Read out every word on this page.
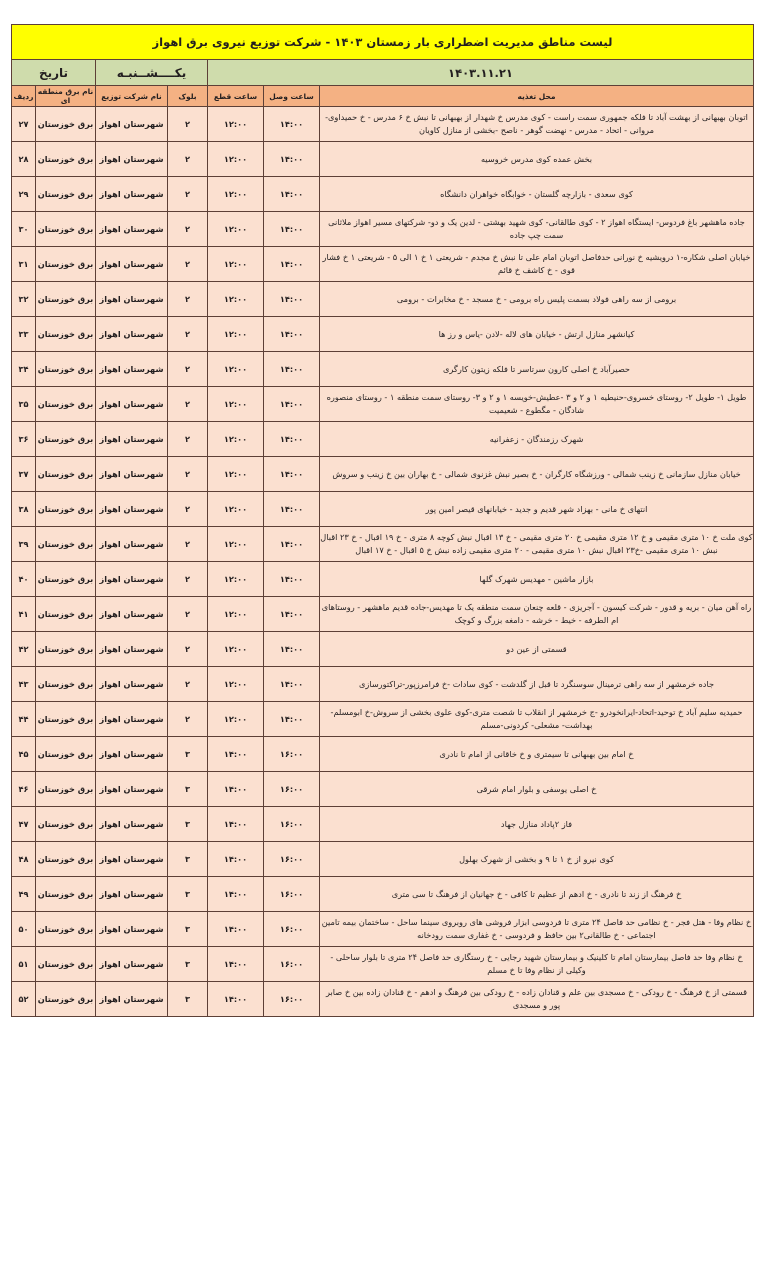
لیست مناطق مدیریت اضطراری بار زمستان ۱۴۰۳ - شرکت توزیع نیروی برق اهواز						
۱۴۰۳.۱۱.۲۱			یکــــشــنبـه		تاریخ	
محل تغذیه	ساعت وصل	ساعت قطع	بلوک	نام شرکت توزیع	نام برق منطقه ای	ردیف
اتوبان بهبهانی از بهشت آباد تا فلکه جمهوری سمت راست - کوی مدرس خ شهدار از بهبهانی تا نبش خ ۶ مدرس - خ حمیداوی- مروانی - اتحاد - مدرس - نهضت گوهر - ناصح -بخشی از منازل کاویان	۱۴:۰۰	۱۲:۰۰	۲	شهرستان اهواز	برق خوزستان	۲۷
بخش عمده کوی مدرس خروسیه	۱۴:۰۰	۱۲:۰۰	۲	شهرستان اهواز	برق خوزستان	۲۸
کوی سعدی - بازارچه گلستان - خوابگاه خواهران دانشگاه	۱۴:۰۰	۱۲:۰۰	۲	شهرستان اهواز	برق خوزستان	۲۹
جاده ماهشهر باغ فردوس- ایستگاه اهواز ۲ - کوی طالقانی- کوی شهید بهشتی - لدین یک و دو- شرکتهای مسیر اهواز ملاثانی سمت چپ جاده	۱۴:۰۰	۱۲:۰۰	۲	شهرستان اهواز	برق خوزستان	۳۰
خیابان اصلی شکاره-۱ درویشیه خ نورانی حدفاصل اتوبان امام علی تا نبش خ مجدم - شریعتی ۱ خ ۱ الی ۵ - شریعتی ۱ خ فشار قوی - خ کاشف خ قائم	۱۴:۰۰	۱۲:۰۰	۲	شهرستان اهواز	برق خوزستان	۳۱
برومی از سه راهی فولاد بسمت پلیس راه برومی - خ مسجد - خ مخابرات - برومی	۱۴:۰۰	۱۲:۰۰	۲	شهرستان اهواز	برق خوزستان	۳۲
کیانشهر منازل ارتش - خیابان های لاله -لادن -یاس و رز ها	۱۴:۰۰	۱۲:۰۰	۲	شهرستان اهواز	برق خوزستان	۳۳
حصیرآباد خ اصلی کارون سرتاسر تا فلکه زیتون کارگری	۱۴:۰۰	۱۲:۰۰	۲	شهرستان اهواز	برق خوزستان	۳۴
طویل ۱- طویل ۲- روستای خسروی-حنیطیه ۱ و ۲ و ۳ -عطیش-خویسه ۱ و ۲ و ۳- روستای سمت منطقه ۱ - روستای منصوره شادگان - مگطوع - شعیمیت	۱۴:۰۰	۱۲:۰۰	۲	شهرستان اهواز	برق خوزستان	۳۵
شهرک رزمندگان - زعفرانیه	۱۴:۰۰	۱۲:۰۰	۲	شهرستان اهواز	برق خوزستان	۳۶
خیابان منازل سازمانی خ زینب شمالی - ورزشگاه کارگران - خ بصیر نبش غزنوی شمالی - خ بهاران بین خ زینب و سروش	۱۴:۰۰	۱۲:۰۰	۲	شهرستان اهواز	برق خوزستان	۳۷
انتهای خ مانی - بهزاد شهر قدیم و جدید - خیابانهای قیصر امین پور	۱۴:۰۰	۱۲:۰۰	۲	شهرستان اهواز	برق خوزستان	۳۸
کوی ملت خ ۱۰ متری مقیمی و خ ۱۲ متری مقیمی خ ۲۰ متری مقیمی - خ ۱۳ اقبال نبش کوچه ۸ متری - خ ۱۹ اقبال - خ ۲۳ اقبال نبش ۱۰ متری مقیمی -خ۲۳ اقبال نبش ۱۰ متری مقیمی - ۲۰ متری مقیمی زاده نبش خ ۵ اقبال - خ ۱۷ اقبال	۱۴:۰۰	۱۲:۰۰	۲	شهرستان اهواز	برق خوزستان	۳۹
بازار ماشین - مهدیس شهرک گلها	۱۴:۰۰	۱۲:۰۰	۲	شهرستان اهواز	برق خوزستان	۴۰
راه آهن میان - بریه و قدور - شرکت کیسون - آجریزی - قلعه چنعان سمت منطقه یک تا مهدیس-جاده قدیم ماهشهر - روستاهای ام الطرفه - خیط - خرشه - دامغه بزرگ و کوچک	۱۴:۰۰	۱۲:۰۰	۲	شهرستان اهواز	برق خوزستان	۴۱
قسمتی از عین دو	۱۴:۰۰	۱۲:۰۰	۲	شهرستان اهواز	برق خوزستان	۴۲
جاده خرمشهر از سه راهی ترمینال سوسنگرد تا قبل از گلدشت - کوی سادات -خ فرامرزپور-تراکتورسازی	۱۴:۰۰	۱۲:۰۰	۲	شهرستان اهواز	برق خوزستان	۴۳
حمیدیه سلیم آباد خ توحید-اتحاد-ایرانخودرو -ج خرمشهر از انقلاب تا شصت متری-کوی علوی بخشی از سروش-خ ابومسلم- بهداشت- مشعلی- کردونی-مسلم	۱۴:۰۰	۱۲:۰۰	۲	شهرستان اهواز	برق خوزستان	۴۴
خ امام بین بهبهانی تا سیمتری و خ خاقانی از امام تا نادری	۱۶:۰۰	۱۴:۰۰	۳	شهرستان اهواز	برق خوزستان	۴۵
خ اصلی یوسفی و بلوار امام شرقی	۱۶:۰۰	۱۴:۰۰	۳	شهرستان اهواز	برق خوزستان	۴۶
فاز ۲پاداد منازل جهاد	۱۶:۰۰	۱۴:۰۰	۳	شهرستان اهواز	برق خوزستان	۴۷
کوی نیرو از خ ۱ تا ۹ و بخشی از شهرک بهلول	۱۶:۰۰	۱۴:۰۰	۳	شهرستان اهواز	برق خوزستان	۴۸
خ فرهنگ از زند تا نادری - خ ادهم از عظیم تا کافی - خ جهانیان از فرهنگ تا سی متری	۱۶:۰۰	۱۴:۰۰	۳	شهرستان اهواز	برق خوزستان	۴۹
خ نظام وفا - هتل فجر - خ نظامی حد فاصل ۲۴ متری تا فردوسی ابزار فروشی های روبروی سینما ساحل - ساختمان بیمه تامین اجتماعی - خ طالقانی۲ بین حافظ و فردوسی - خ غفاری سمت رودخانه	۱۶:۰۰	۱۴:۰۰	۳	شهرستان اهواز	برق خوزستان	۵۰
خ نظام وفا حد فاصل بیمارستان امام تا کلینیک و بیمارستان شهید رجایی - خ رستگاری حد فاصل ۲۴ متری تا بلوار ساحلی - وکیلی از نظام وفا تا خ مسلم	۱۶:۰۰	۱۴:۰۰	۳	شهرستان اهواز	برق خوزستان	۵۱
قسمتی از خ فرهنگ - خ رودکی - خ مسجدی بین علم و قنادان زاده - خ رودکی بین فرهنگ و ادهم - خ قنادان زاده بین خ صابر پور و مسجدی	۱۶:۰۰	۱۴:۰۰	۳	شهرستان اهواز	برق خوزستان	۵۲
